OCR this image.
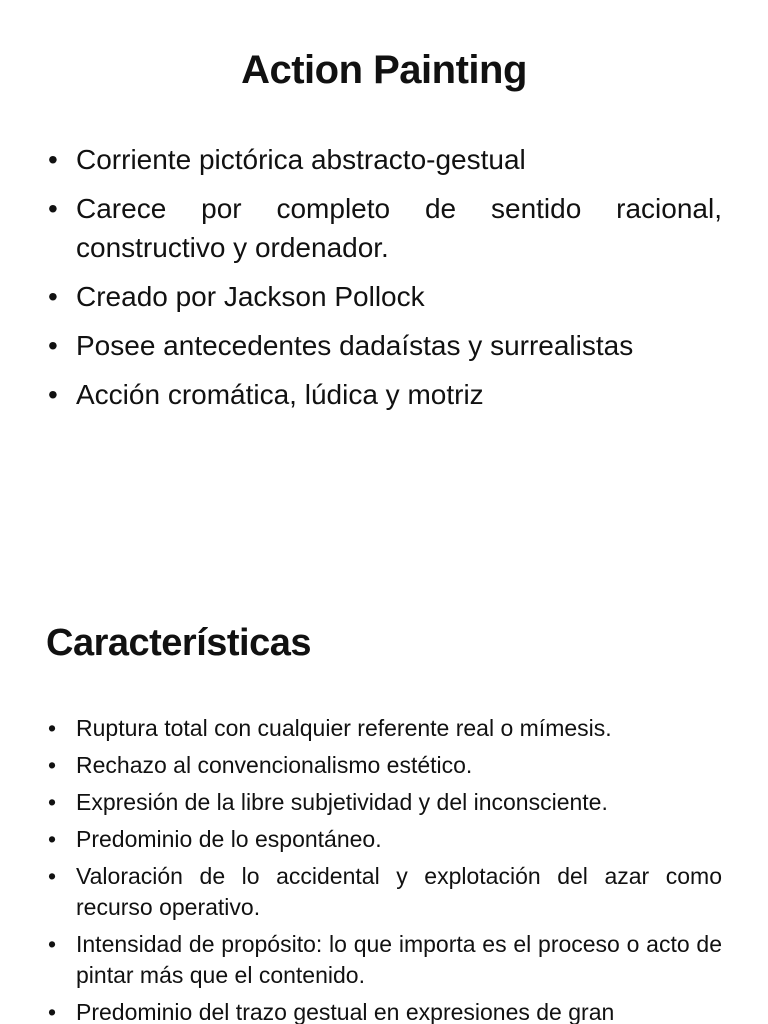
Action Painting
• Corriente pictórica abstracto-gestual
• Carece por completo de sentido racional, constructivo y ordenador.
• Creado por Jackson Pollock
• Posee antecedentes dadaístas y surrealistas
• Acción cromática, lúdica y motriz
Características
• Ruptura total con cualquier referente real o mímesis.
• Rechazo al convencionalismo estético.
• Expresión de la libre subjetividad y del inconsciente.
• Predominio de lo espontáneo.
• Valoración de lo accidental y explotación del azar como recurso operativo.
• Intensidad de propósito: lo que importa es el proceso o acto de pintar más que el contenido.
• Predominio del trazo gestual en expresiones de gran
